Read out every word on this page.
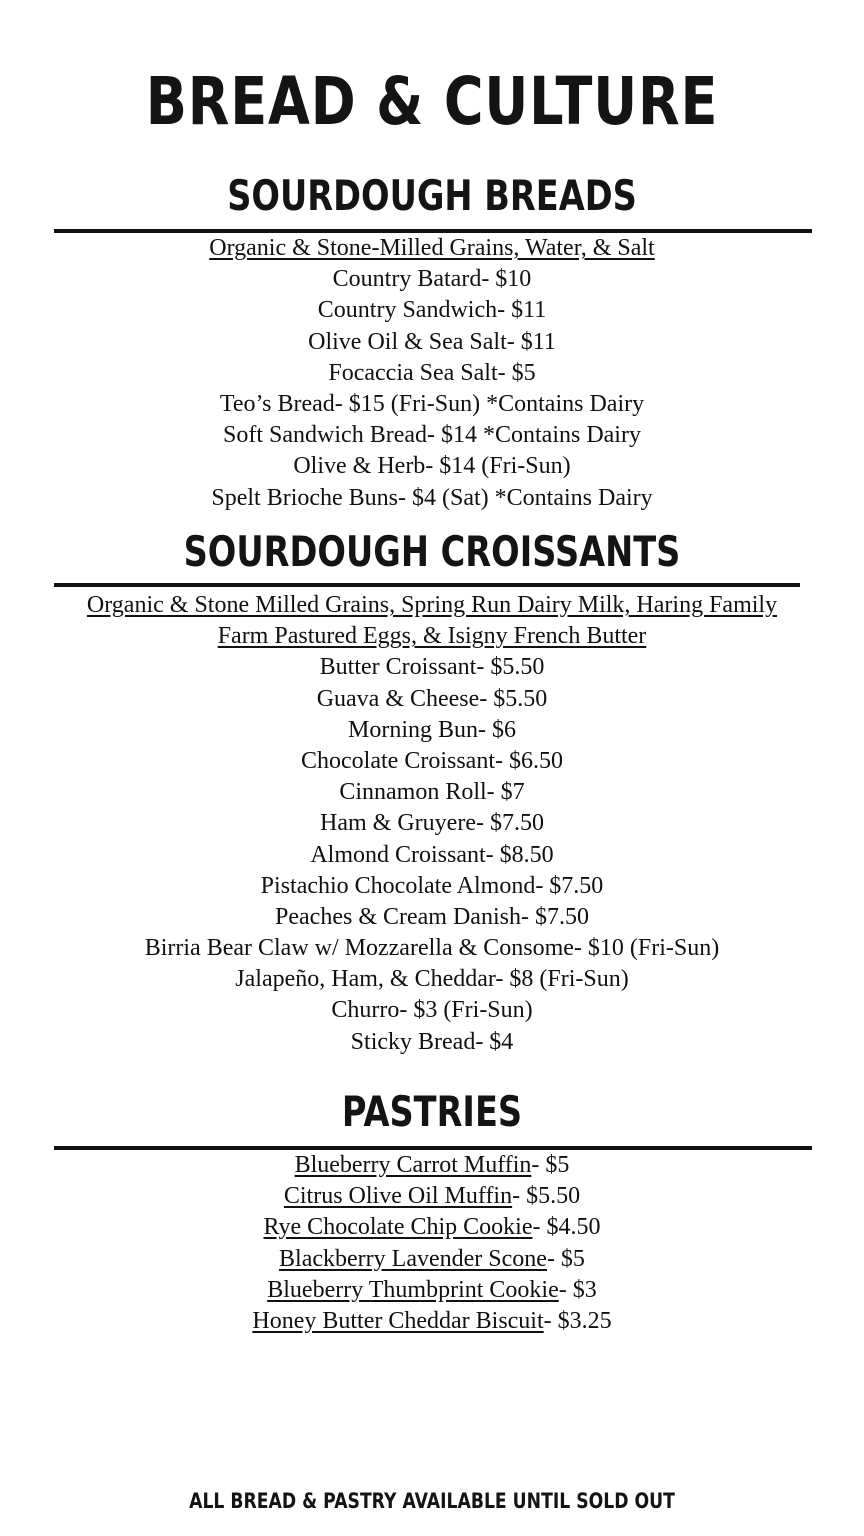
BREAD & CULTURE
SOURDOUGH BREADS
Organic & Stone-Milled Grains, Water, & Salt
Country Batard- $10
Country Sandwich- $11
Olive Oil & Sea Salt- $11
Focaccia Sea Salt- $5
Teo’s Bread- $15 (Fri-Sun) *Contains Dairy
Soft Sandwich Bread- $14 *Contains Dairy
Olive & Herb- $14 (Fri-Sun)
Spelt Brioche Buns- $4 (Sat) *Contains Dairy
SOURDOUGH CROISSANTS
Organic & Stone Milled Grains, Spring Run Dairy Milk, Haring Family
Farm Pastured Eggs, & Isigny French Butter
Butter Croissant- $5.50
Guava & Cheese- $5.50
Morning Bun- $6
Chocolate Croissant- $6.50
Cinnamon Roll- $7
Ham & Gruyere- $7.50
Almond Croissant- $8.50
Pistachio Chocolate Almond- $7.50
Peaches & Cream Danish- $7.50
Birria Bear Claw w/ Mozzarella & Consome- $10 (Fri-Sun)
Jalapeño, Ham, & Cheddar- $8 (Fri-Sun)
Churro- $3 (Fri-Sun)
Sticky Bread- $4
PASTRIES
Blueberry Carrot Muffin- $5
Citrus Olive Oil Muffin- $5.50
Rye Chocolate Chip Cookie- $4.50
Blackberry Lavender Scone- $5
Blueberry Thumbprint Cookie- $3
Honey Butter Cheddar Biscuit- $3.25
ALL BREAD & PASTRY AVAILABLE UNTIL SOLD OUT
